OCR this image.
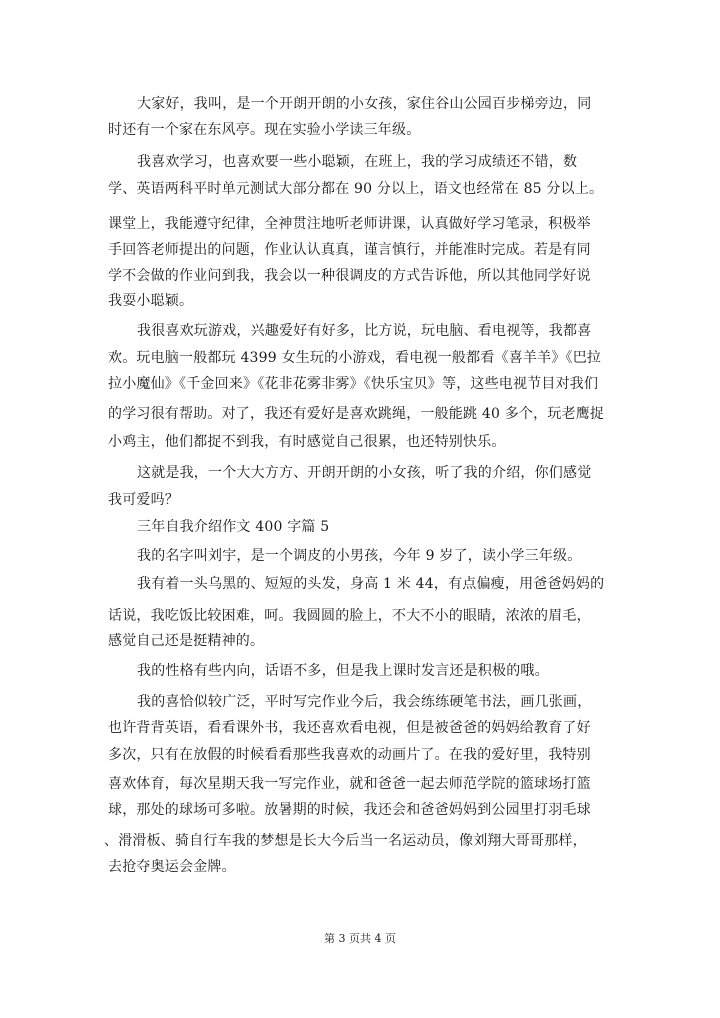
大家好，我叫，是一个开朗开朗的小女孩，家住谷山公园百步梯旁边，同
时还有一个家在东风亭。现在实验小学读三年级。
我喜欢学习，也喜欢要一些小聪颖，在班上，我的学习成绩还不错，数
学、英语两科平时单元测试大部分都在 90 分以上，语文也经常在 85 分以上。
课堂上，我能遵守纪律，全神贯注地听老师讲课，认真做好学习笔录，积极举
手回答老师提出的问题，作业认认真真，谨言慎行，并能准时完成。若是有同
学不会做的作业问到我，我会以一种很调皮的方式告诉他，所以其他同学好说
我耍小聪颖。
我很喜欢玩游戏，兴趣爱好有好多，比方说，玩电脑、看电视等，我都喜
欢。玩电脑一般都玩 4399 女生玩的小游戏，看电视一般都看《喜羊羊》《巴拉
拉小魔仙》《千金回来》《花非花雾非雾》《快乐宝贝》等，这些电视节目对我们
的学习很有帮助。对了，我还有爱好是喜欢跳绳，一般能跳 40 多个，玩老鹰捉
小鸡主，他们都捉不到我，有时感觉自己很累，也还特别快乐。
这就是我，一个大大方方、开朗开朗的小女孩，听了我的介绍，你们感觉
我可爱吗？
三年自我介绍作文 400 字篇 5
我的名字叫刘宇，是一个调皮的小男孩，今年 9 岁了，读小学三年级。
我有着一头乌黑的、短短的头发，身高 1 米 44，有点偏瘦，用爸爸妈妈的
话说，我吃饭比较困难，呵。我圆圆的脸上，不大不小的眼睛，浓浓的眉毛，
感觉自己还是挺精神的。
我的性格有些内向，话语不多，但是我上课时发言还是积极的哦。
我的喜恰似较广泛，平时写完作业今后，我会练练硬笔书法，画几张画，
也许背背英语，看看课外书，我还喜欢看电视，但是被爸爸的妈妈给教育了好
多次，只有在放假的时候看看那些我喜欢的动画片了。在我的爱好里，我特别
喜欢体育，每次星期天我一写完作业，就和爸爸一起去师范学院的篮球场打篮
球，那处的球场可多啦。放暑期的时候，我还会和爸爸妈妈到公园里打羽毛球
、滑滑板、骑自行车我的梦想是长大今后当一名运动员，像刘翔大哥哥那样，
去抢夺奥运会金牌。
第 3 页共 4 页
